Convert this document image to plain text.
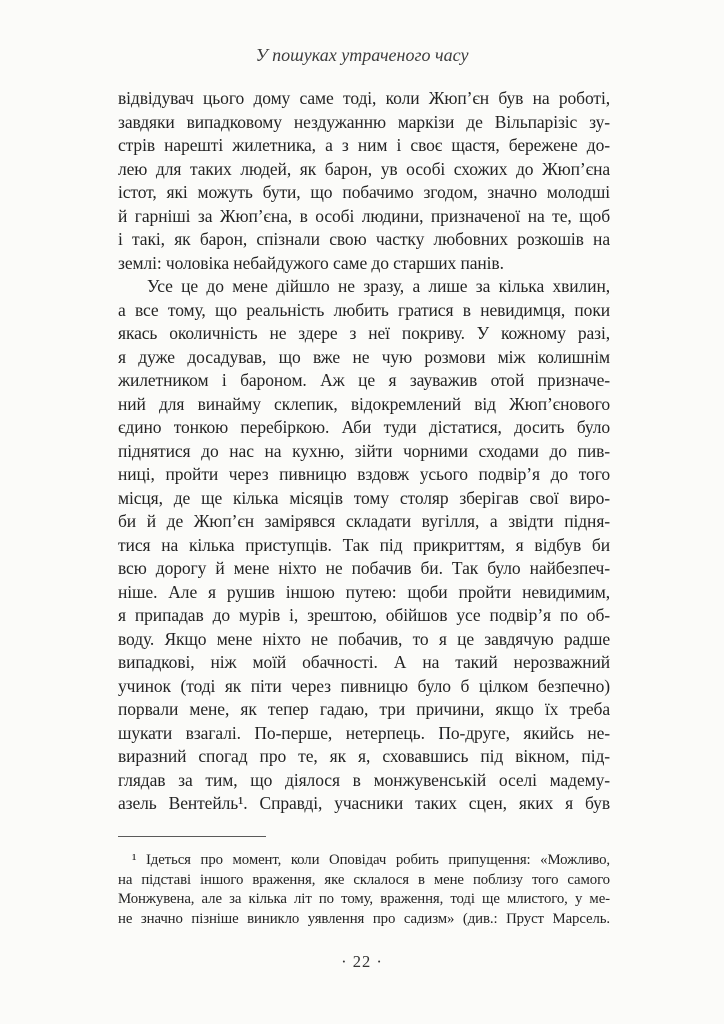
У пошуках утраченого часу
відвідувач цього дому саме тоді, коли Жюп’єн був на роботі,
завдяки випадковому нездужанню маркізи де Вільпарізіс зу-
стрів нарешті жилетника, а з ним і своє щастя, бережене до-
лею для таких людей, як барон, ув особі схожих до Жюп’єна
істот, які можуть бути, що побачимо згодом, значно молодші
й гарніші за Жюп’єна, в особі людини, призначеної на те, щоб
і такі, як барон, спізнали свою частку любовних розкошів на
землі: чоловіка небайдужого саме до старших панів.
Усе це до мене дійшло не зразу, а лише за кілька хвилин,
а все тому, що реальність любить гратися в невидимця, поки
якась околичність не здере з неї покриву. У кожному разі,
я дуже досадував, що вже не чую розмови між колишнім
жилетником і бароном. Аж це я зауважив отой призначе-
ний для винайму склепик, відокремлений від Жюп’єнового
єдино тонкою перебіркою. Аби туди дістатися, досить було
піднятися до нас на кухню, зійти чорними сходами до пив-
ниці, пройти через пивницю вздовж усього подвір’я до того
місця, де ще кілька місяців тому столяр зберігав свої виро-
би й де Жюп’єн замірявся складати вугілля, а звідти підня-
тися на кілька приступців. Так під прикриттям, я відбув би
всю дорогу й мене ніхто не побачив би. Так було найбезпеч-
ніше. Але я рушив іншою путею: щоби пройти невидимим,
я припадав до мурів і, зрештою, обійшов усе подвір’я по об-
воду. Якщо мене ніхто не побачив, то я це завдячую радше
випадкові, ніж моїй обачності. А на такий нерозважний
учинок (тоді як піти через пивницю було б цілком безпечно)
порвали мене, як тепер гадаю, три причини, якщо їх треба
шукати взагалі. По-перше, нетерпець. По-друге, якийсь не-
виразний спогад про те, як я, сховавшись під вікном, під-
глядав за тим, що діялося в монжувенській оселі мадему-
азель Вентейль¹. Справді, учасники таких сцен, яких я був
¹ Ідеться про момент, коли Оповідач робить припущення: «Можливо,
на підставі іншого враження, яке склалося в мене поблизу того самого
Монжувена, але за кілька літ по тому, враження, тоді ще млистого, у ме-
не значно пізніше виникло уявлення про садизм» (див.: Пруст Марсель.
· 22 ·
